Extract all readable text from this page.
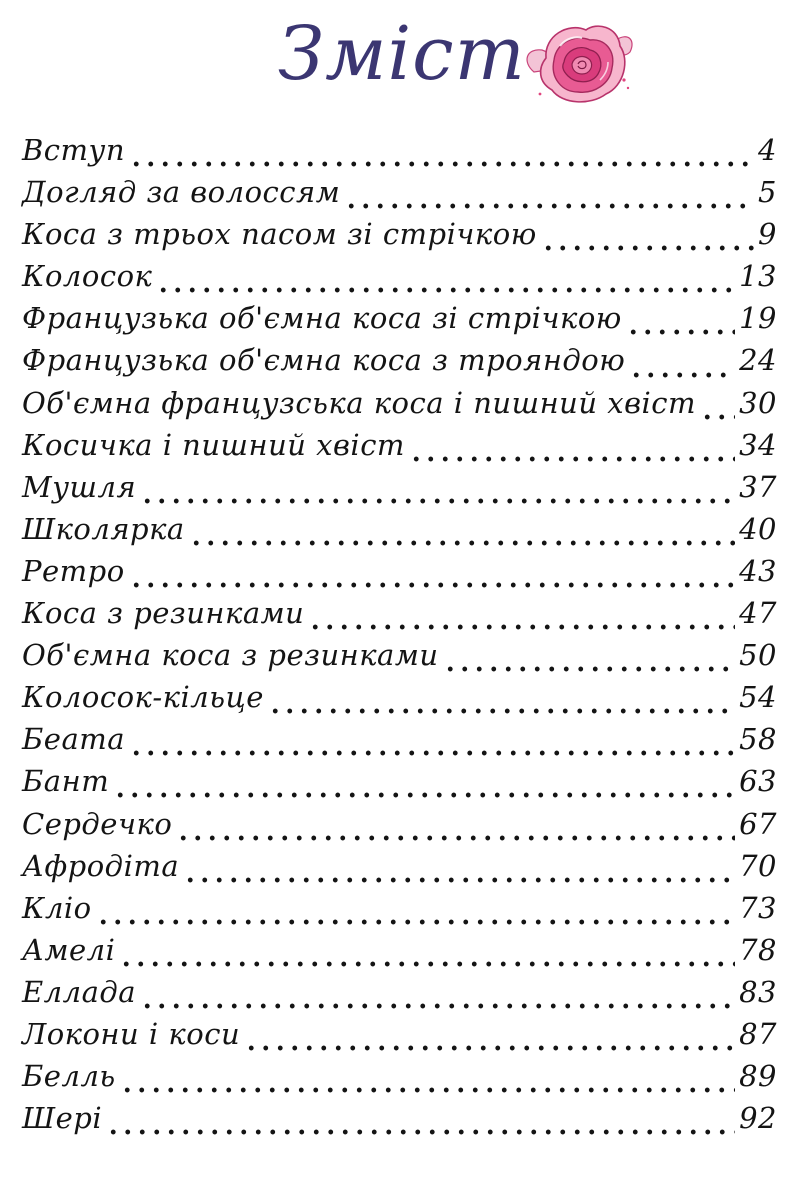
Зміст
Вступ	4
Догляд за волоссям	5
Коса з трьох пасом зі стрічкою	9
Колосок	13
Французька об'ємна коса зі стрічкою	19
Французька об'ємна коса з трояндою	24
Об'ємна французська коса і пишний хвіст 30
Косичка і пишний хвіст	34
Мушля	37
Школярка	40
Ретро	43
Коса з резинками	47
Об'ємна коса з резинками	50
Колосок-кільце	54
Беата	58
Бант	63
Сердечко	67
Афродіта	70
Кліо	73
Амелі	78
Еллада	83
Локони і коси	87
Белль	89
Шері	92
